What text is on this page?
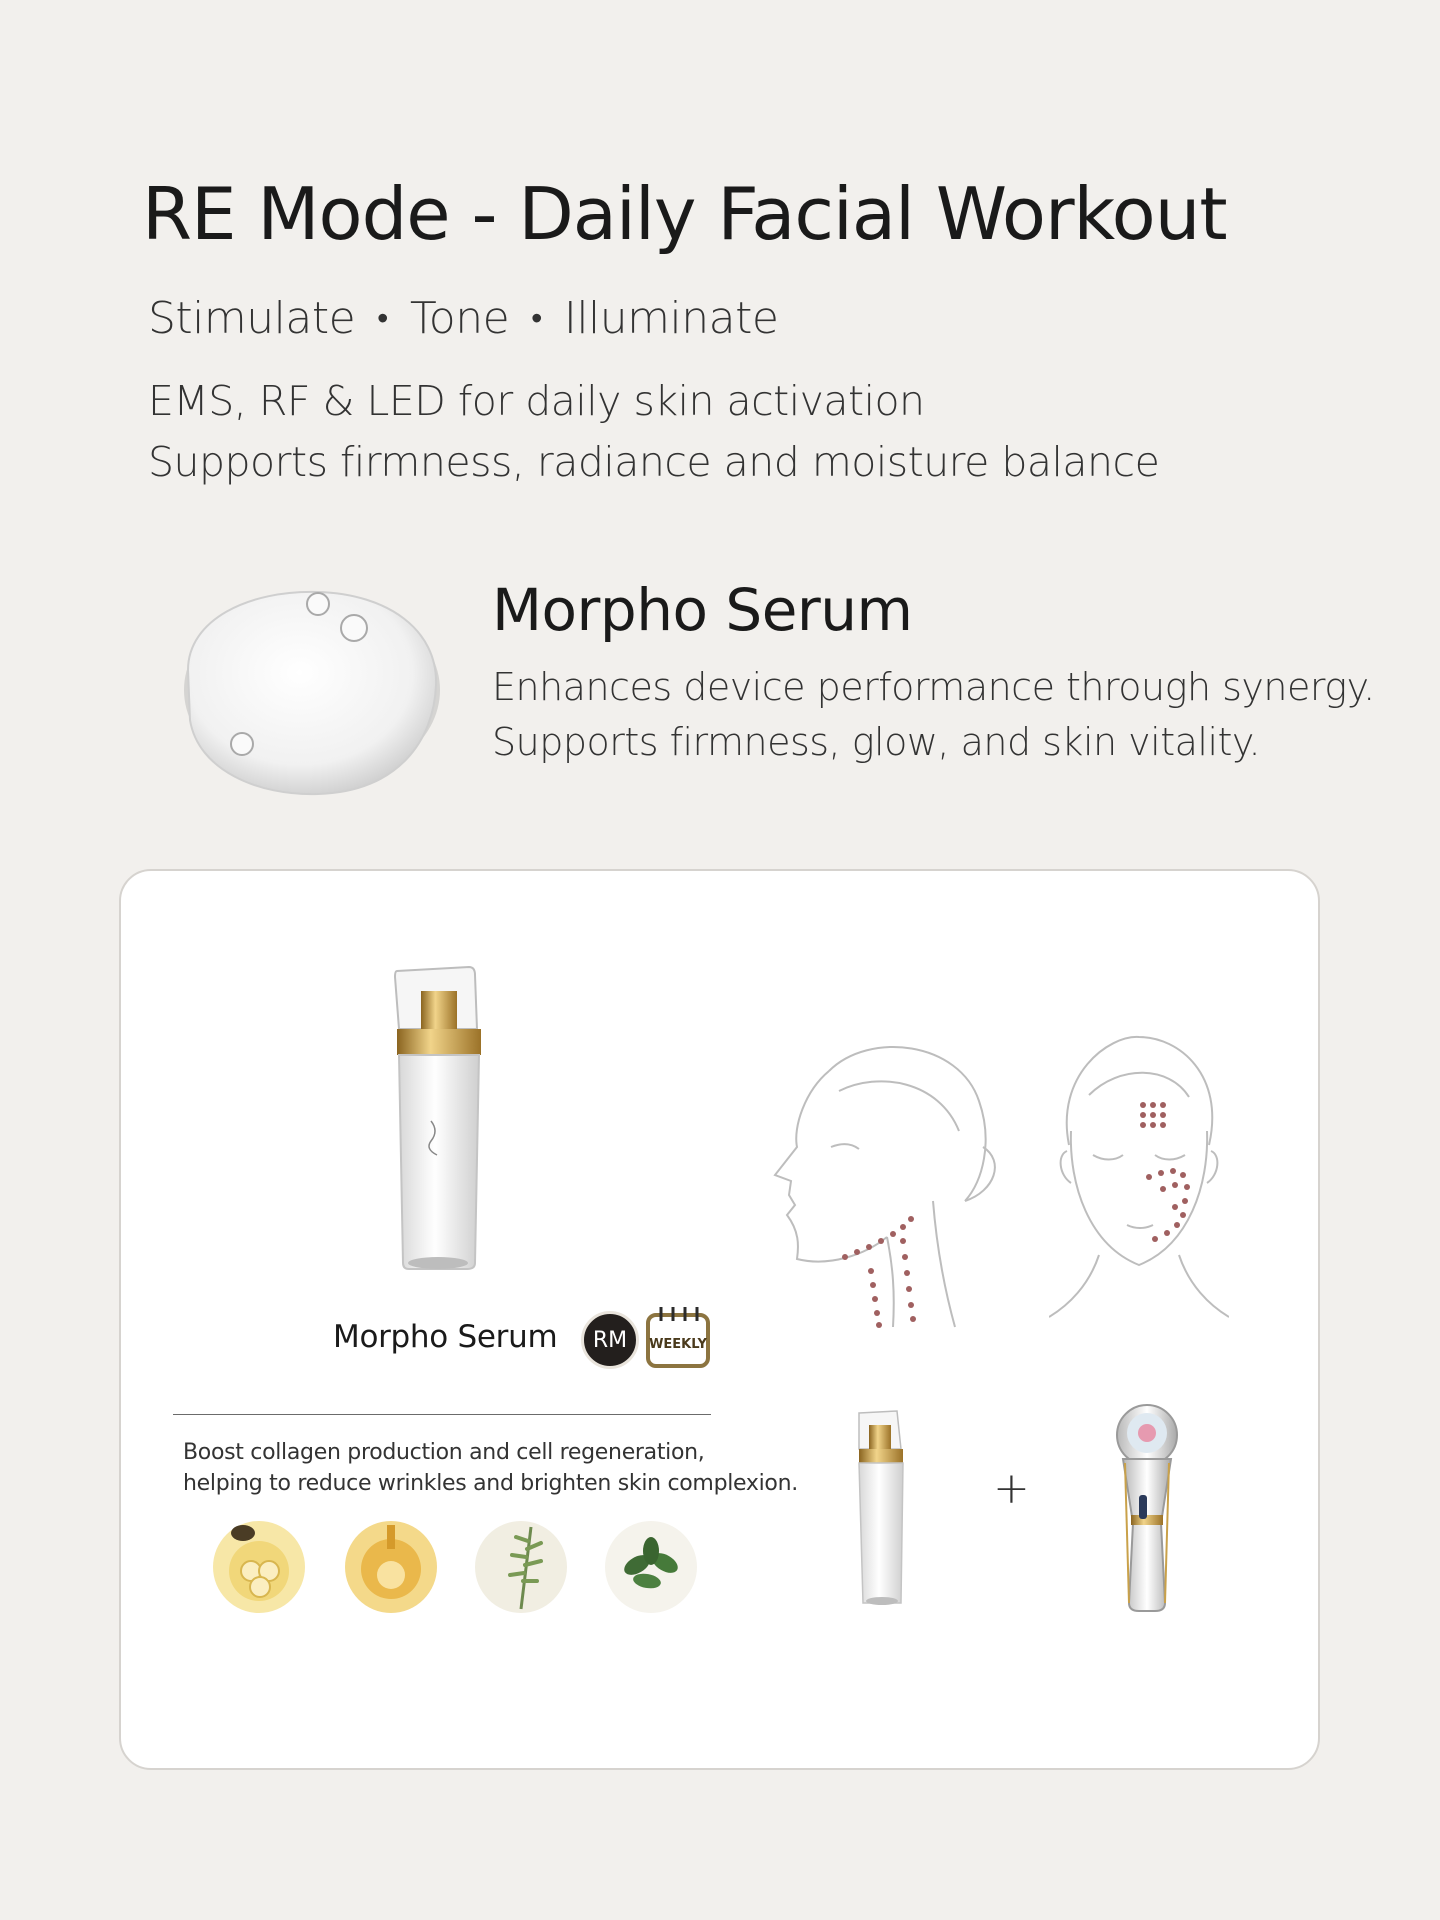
RE Mode - Daily Facial Workout
Stimulate • Tone • Illuminate
EMS, RF & LED for daily skin activation
Supports firmness, radiance and moisture balance
Morpho Serum
Enhances device performance through synergy.
Supports firmness, glow, and skin vitality.
Morpho Serum	RM	WEEKLY
Boost collagen production and cell regeneration,
helping to reduce wrinkles and brighten skin complexion.	+
